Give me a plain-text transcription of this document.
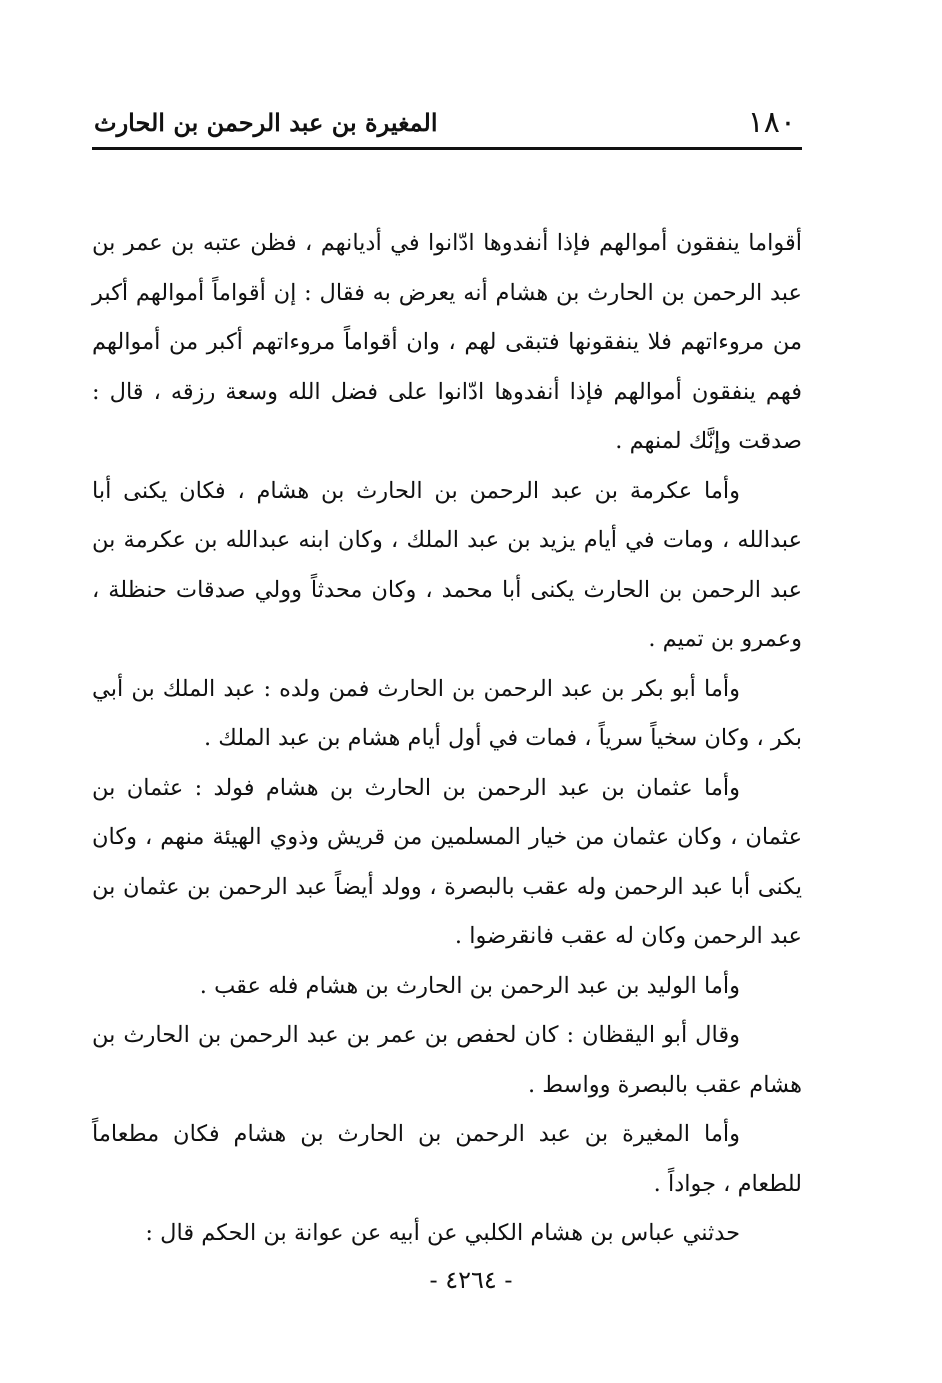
١٨٠
المغيرة بن عبد الرحمن بن الحارث

أقواما ينفقون أموالهم فإذا أنفدوها ادّانوا في أديانهم ، فظن عتبه بن عمر بن عبد الرحمن بن الحارث بن هشام أنه يعرض به فقال : إن أقواماً أموالهم أكبر من مروءاتهم فلا ينفقونها فتبقى لهم ، وان أقواماً مروءاتهم أكبر من أموالهم فهم ينفقون أموالهم فإذا أنفدوها ادّانوا على فضل الله وسعة رزقه ، قال : صدقت وإنَّك لمنهم .

وأما عكرمة بن عبد الرحمن بن الحارث بن هشام ، فكان يكنى أبا عبدالله ، ومات في أيام يزيد بن عبد الملك ، وكان ابنه عبدالله بن عكرمة بن عبد الرحمن بن الحارث يكنى أبا محمد ، وكان محدثاً وولي صدقات حنظلة ، وعمرو بن تميم .

وأما أبو بكر بن عبد الرحمن بن الحارث فمن ولده : عبد الملك بن أبي بكر ، وكان سخياً سرياً ، فمات في أول أيام هشام بن عبد الملك .

وأما عثمان بن عبد الرحمن بن الحارث بن هشام فولد : عثمان بن عثمان ، وكان عثمان من خيار المسلمين من قريش وذوي الهيئة منهم ، وكان يكنى أبا عبد الرحمن وله عقب بالبصرة ، وولد أيضاً عبد الرحمن بن عثمان بن عبد الرحمن وكان له عقب فانقرضوا .

وأما الوليد بن عبد الرحمن بن الحارث بن هشام فله عقب .

وقال أبو اليقظان : كان لحفص بن عمر بن عبد الرحمن بن الحارث بن هشام عقب بالبصرة وواسط .

وأما المغيرة بن عبد الرحمن بن الحارث بن هشام فكان مطعاماً للطعام ، جواداً .

حدثني عباس بن هشام الكلبي عن أبيه عن عوانة بن الحكم قال :

- ٤٢٦٤ -
